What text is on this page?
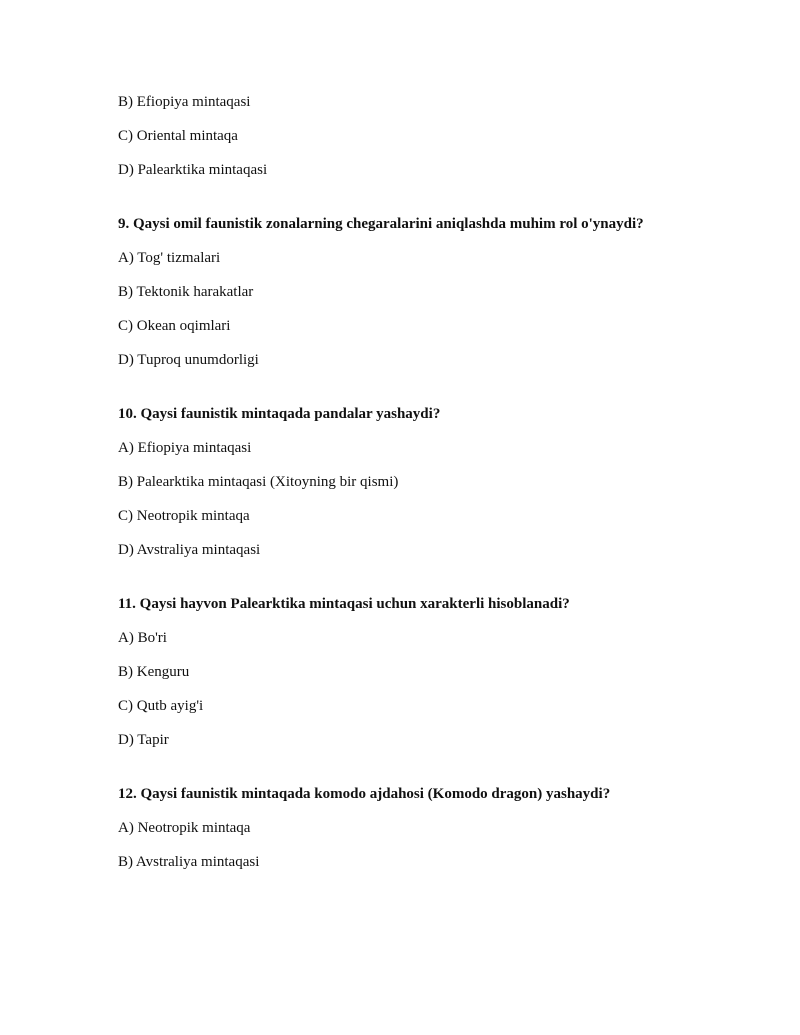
B) Efiopiya mintaqasi
C) Oriental mintaqa
D) Palearktika mintaqasi
9. Qaysi omil faunistik zonalarning chegaralarini aniqlashda muhim rol o'ynaydi?
A) Tog' tizmalari
B) Tektonik harakatlar
C) Okean oqimlari
D) Tuproq unumdorligi
10. Qaysi faunistik mintaqada pandalar yashaydi?
A) Efiopiya mintaqasi
B) Palearktika mintaqasi (Xitoyning bir qismi)
C) Neotropik mintaqa
D) Avstraliya mintaqasi
11. Qaysi hayvon Palearktika mintaqasi uchun xarakterli hisoblanadi?
A) Bo'ri
B) Kenguru
C) Qutb ayig'i
D) Tapir
12. Qaysi faunistik mintaqada komodo ajdahosi (Komodo dragon) yashaydi?
A) Neotropik mintaqa
B) Avstraliya mintaqasi
